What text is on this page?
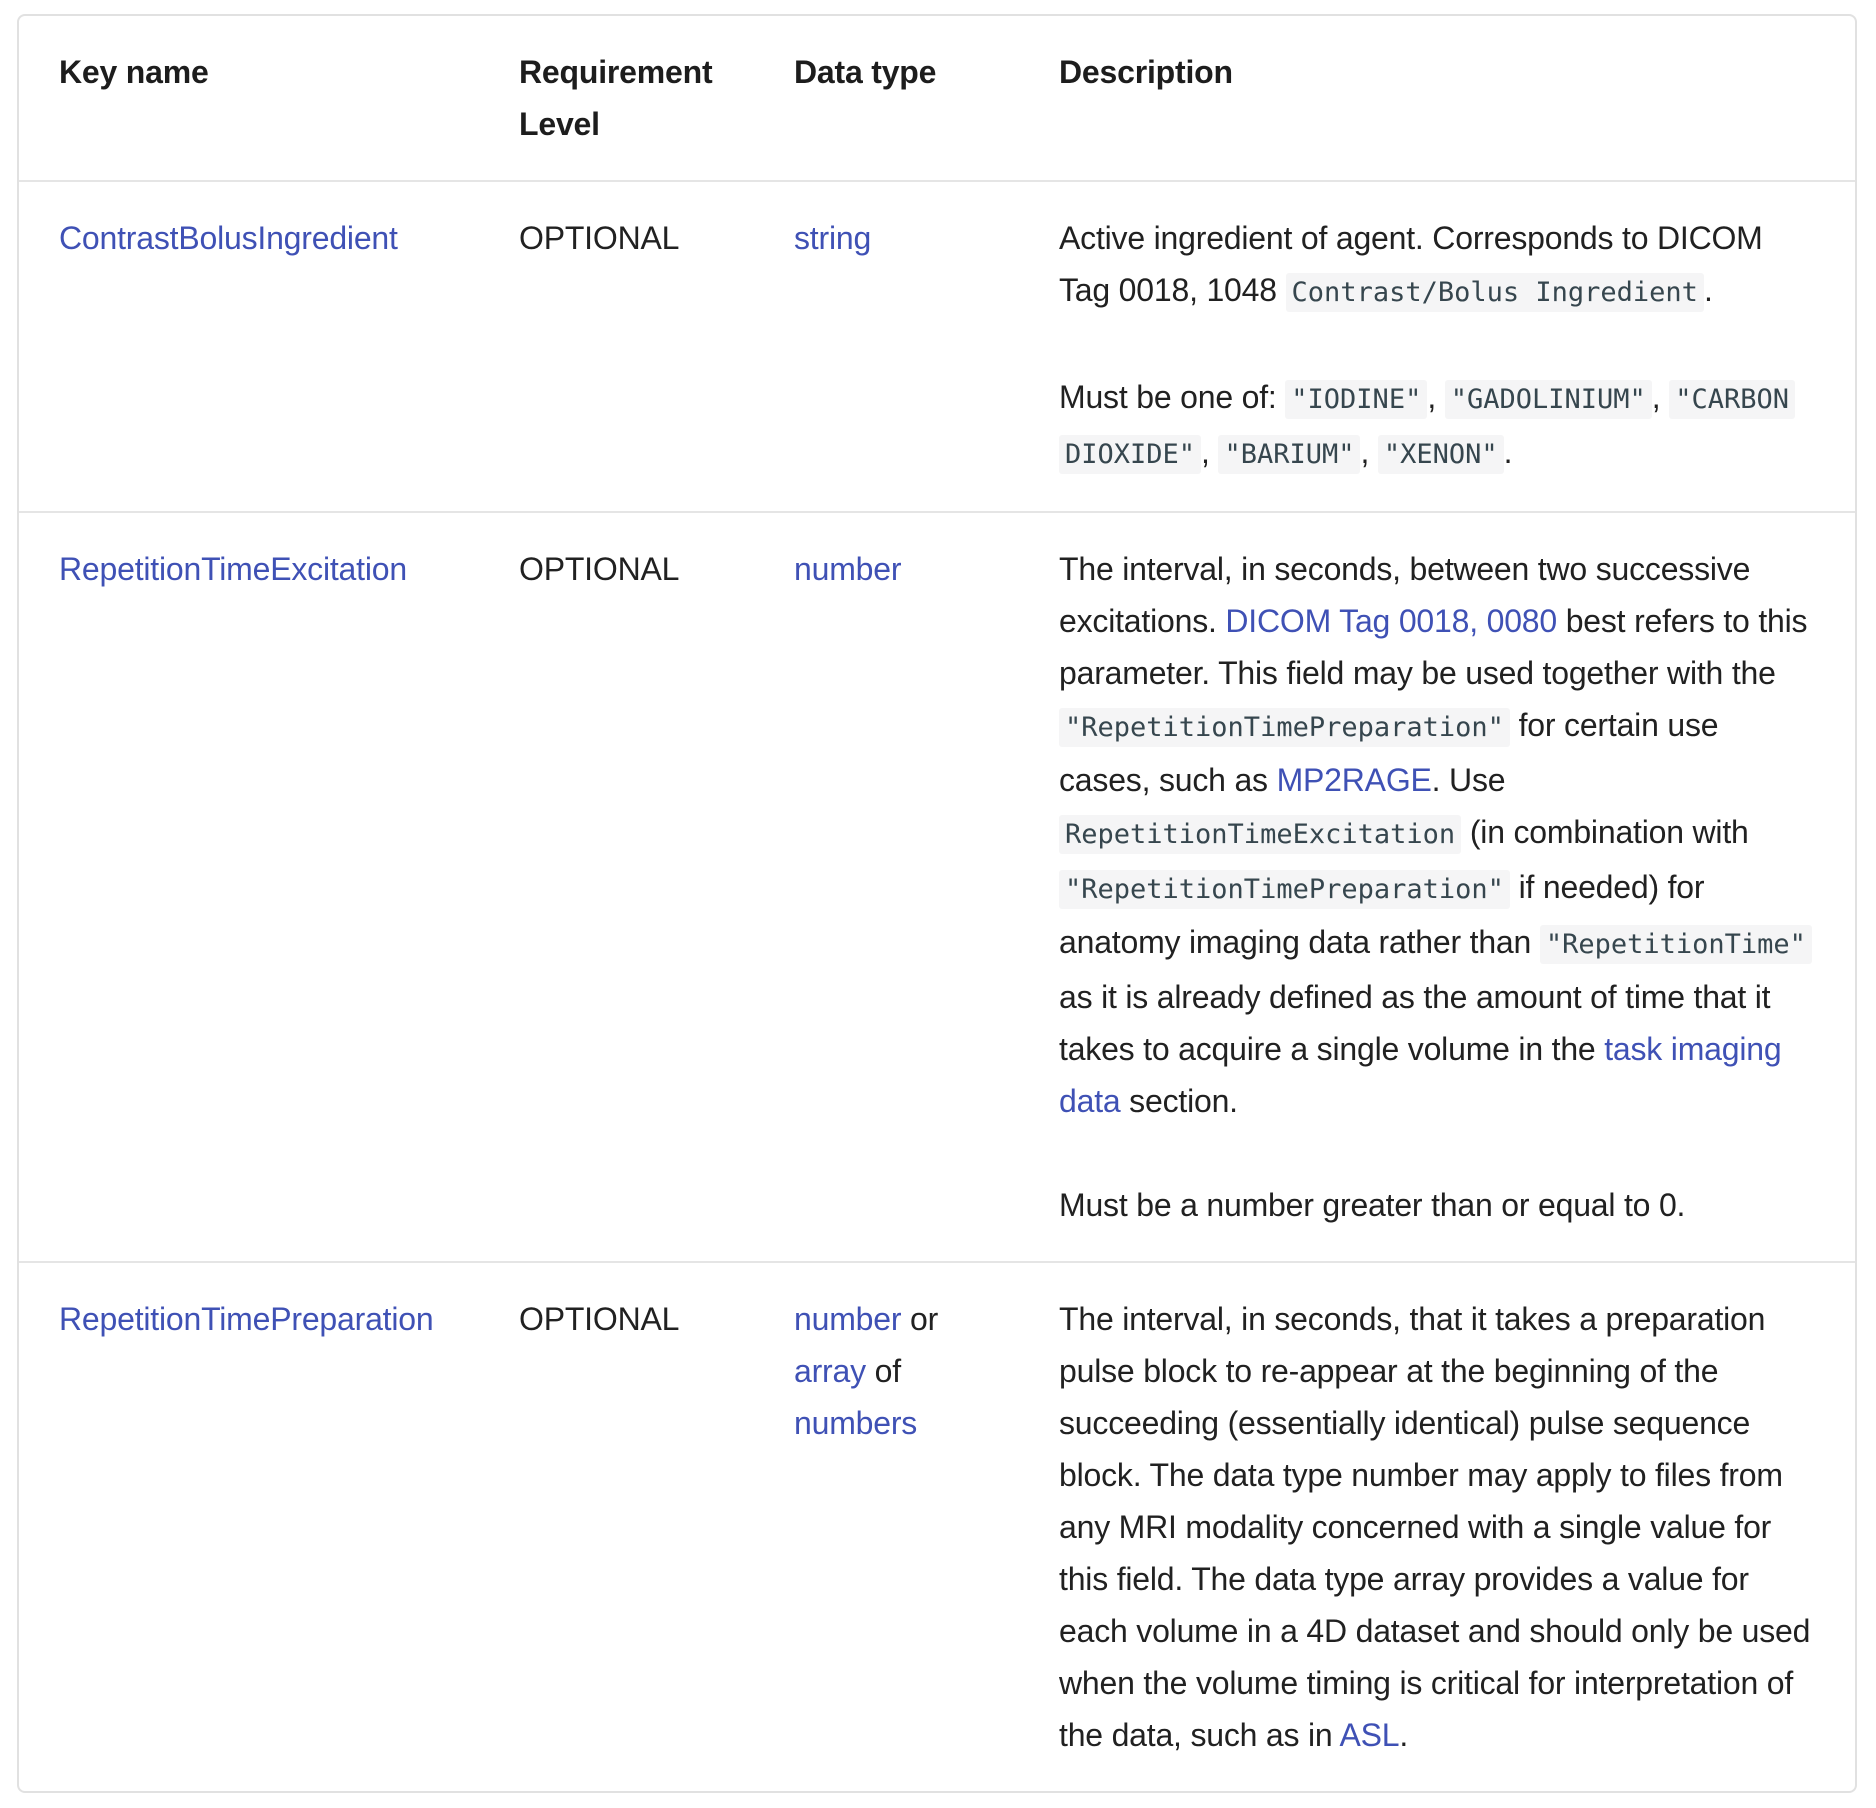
Key name	Requirement Level	Data type	Description
ContrastBolusIngredient	OPTIONAL	string	Active ingredient of agent. Corresponds to DICOM Tag 0018, 1048 Contrast/Bolus Ingredient .

Must be one of: "IODINE" , "GADOLINIUM" , "CARBON DIOXIDE" , "BARIUM" , "XENON" .

RepetitionTimeExcitation	OPTIONAL	number	The interval, in seconds, between two successive excitations. DICOM Tag 0018, 0080 best refers to this parameter. This field may be used together with the "RepetitionTimePreparation" for certain use cases, such as MP2RAGE. Use RepetitionTimeExcitation (in combination with "RepetitionTimePreparation" if needed) for anatomy imaging data rather than "RepetitionTime" as it is already defined as the amount of time that it takes to acquire a single volume in the task imaging data section.

Must be a number greater than or equal to 0.

RepetitionTimePreparation	OPTIONAL	number or array of numbers	The interval, in seconds, that it takes a preparation pulse block to re-appear at the beginning of the succeeding (essentially identical) pulse sequence block. The data type number may apply to files from any MRI modality concerned with a single value for this field. The data type array provides a value for each volume in a 4D dataset and should only be used when the volume timing is critical for interpretation of the data, such as in ASL.
